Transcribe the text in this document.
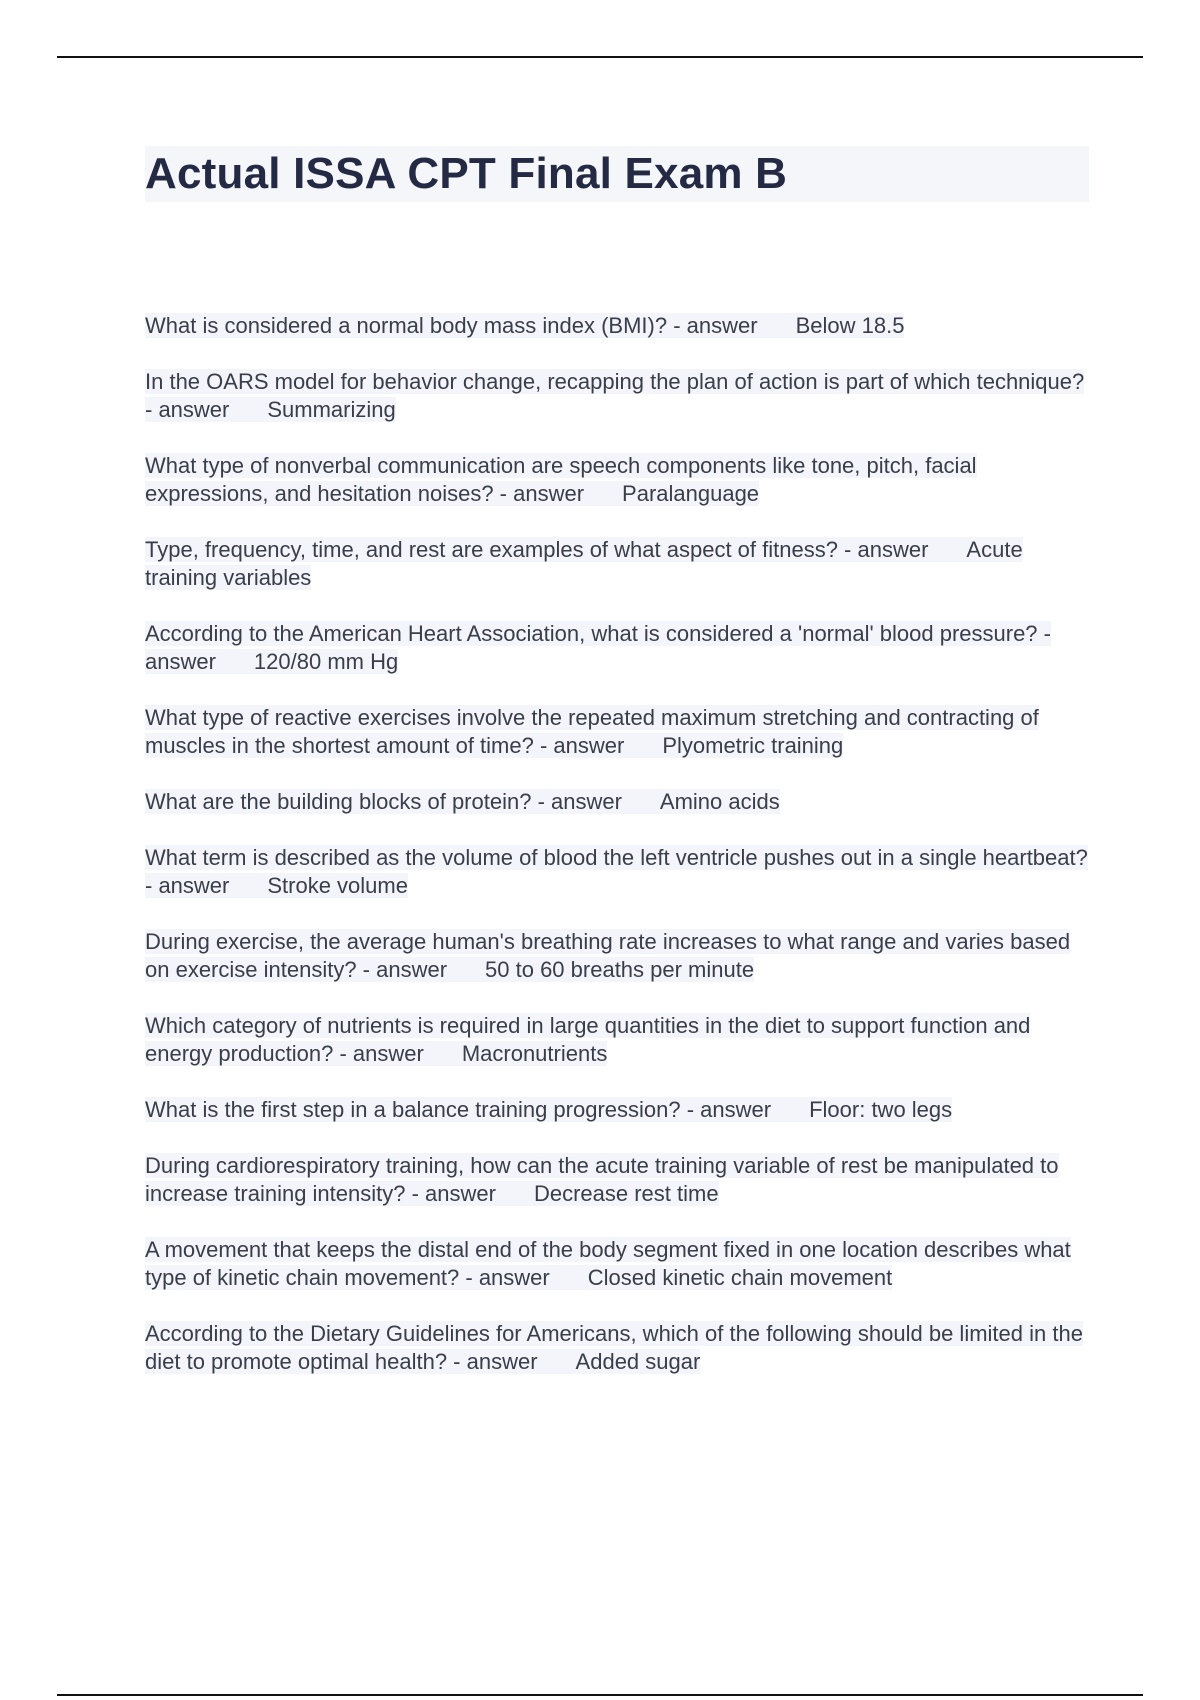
Actual ISSA CPT Final Exam B
What is considered a normal body mass index (BMI)? - answer Below 18.5
In the OARS model for behavior change, recapping the plan of action is part of which technique? - answer Summarizing
What type of nonverbal communication are speech components like tone, pitch, facial expressions, and hesitation noises? - answer Paralanguage
Type, frequency, time, and rest are examples of what aspect of fitness? - answer Acute training variables
According to the American Heart Association, what is considered a 'normal' blood pressure? - answer 120/80 mm Hg
What type of reactive exercises involve the repeated maximum stretching and contracting of muscles in the shortest amount of time? - answer Plyometric training
What are the building blocks of protein? - answer Amino acids
What term is described as the volume of blood the left ventricle pushes out in a single heartbeat? - answer Stroke volume
During exercise, the average human's breathing rate increases to what range and varies based on exercise intensity? - answer 50 to 60 breaths per minute
Which category of nutrients is required in large quantities in the diet to support function and energy production? - answer Macronutrients
What is the first step in a balance training progression? - answer Floor: two legs
During cardiorespiratory training, how can the acute training variable of rest be manipulated to increase training intensity? - answer Decrease rest time
A movement that keeps the distal end of the body segment fixed in one location describes what type of kinetic chain movement? - answer Closed kinetic chain movement
According to the Dietary Guidelines for Americans, which of the following should be limited in the diet to promote optimal health? - answer Added sugar
